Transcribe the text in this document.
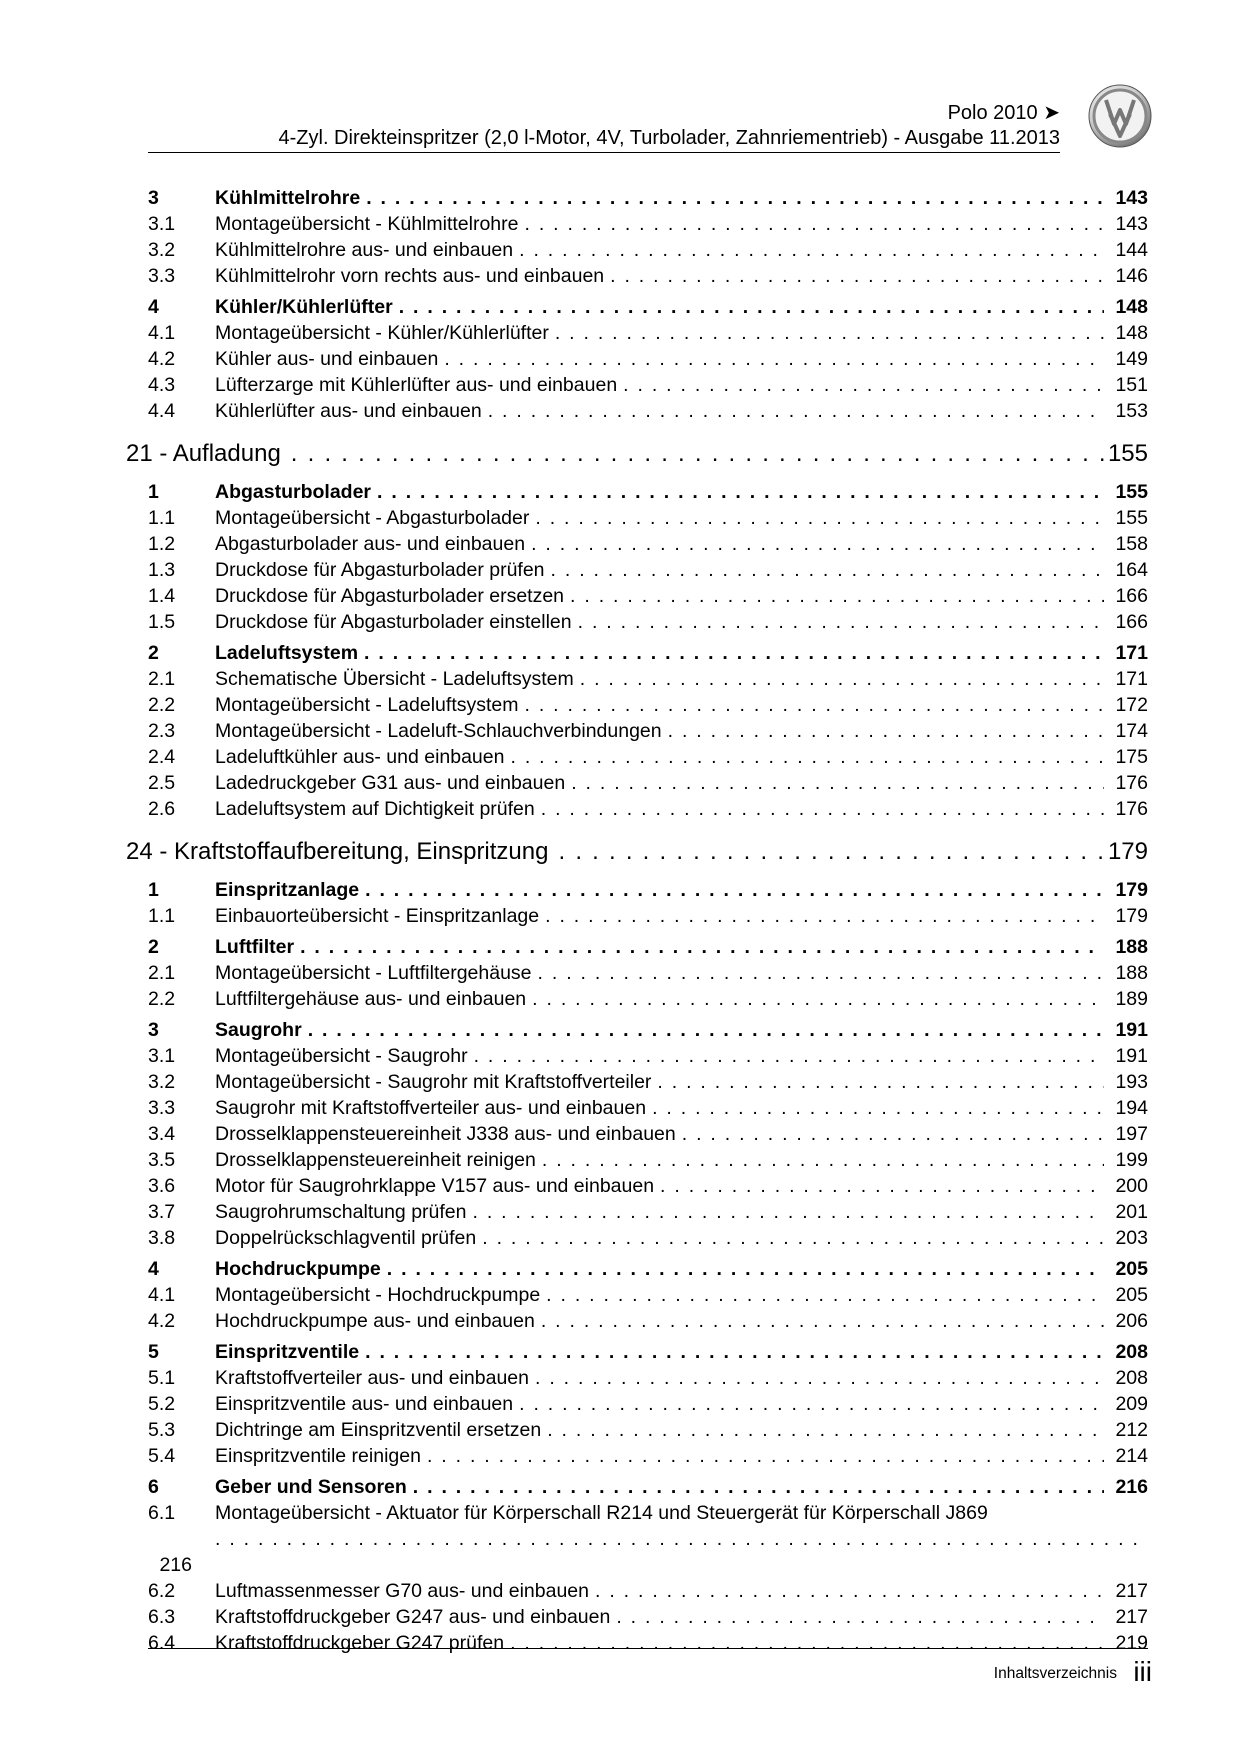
Polo 2010 ➤
4-Zyl. Direkteinspritzer (2,0 l-Motor, 4V, Turbolader, Zahnriementrieb) - Ausgabe 11.2013
3	Kühlmittelrohre . . .	143
3.1	Montageübersicht - Kühlmittelrohre . . .	143
3.2	Kühlmittelrohre aus- und einbauen . . .	144
3.3	Kühlmittelrohr vorn rechts aus- und einbauen . . .	146
4	Kühler/Kühlerlüfter . . .	148
4.1	Montageübersicht - Kühler/Kühlerlüfter . . .	148
4.2	Kühler aus- und einbauen . . .	149
4.3	Lüfterzarge mit Kühlerlüfter aus- und einbauen . . .	151
4.4	Kühlerlüfter aus- und einbauen . . .	153
21 - Aufladung . . .	155
1	Abgasturbolader . . .	155
1.1	Montageübersicht - Abgasturbolader . . .	155
1.2	Abgasturbolader aus- und einbauen . . .	158
1.3	Druckdose für Abgasturbolader prüfen . . .	164
1.4	Druckdose für Abgasturbolader ersetzen . . .	166
1.5	Druckdose für Abgasturbolader einstellen . . .	166
2	Ladeluftsystem . . .	171
2.1	Schematische Übersicht - Ladeluftsystem . . .	171
2.2	Montageübersicht - Ladeluftsystem . . .	172
2.3	Montageübersicht - Ladeluft-Schlauchverbindungen . . .	174
2.4	Ladeluftkühler aus- und einbauen . . .	175
2.5	Ladedruckgeber G31 aus- und einbauen . . .	176
2.6	Ladeluftsystem auf Dichtigkeit prüfen . . .	176
24 - Kraftstoffaufbereitung, Einspritzung . . .	179
1	Einspritzanlage . . .	179
1.1	Einbauorteübersicht - Einspritzanlage . . .	179
2	Luftfilter . . .	188
2.1	Montageübersicht - Luftfiltergehäuse . . .	188
2.2	Luftfiltergehäuse aus- und einbauen . . .	189
3	Saugrohr . . .	191
3.1	Montageübersicht - Saugrohr . . .	191
3.2	Montageübersicht - Saugrohr mit Kraftstoffverteiler . . .	193
3.3	Saugrohr mit Kraftstoffverteiler aus- und einbauen . . .	194
3.4	Drosselklappensteuereinheit J338 aus- und einbauen . . .	197
3.5	Drosselklappensteuereinheit reinigen . . .	199
3.6	Motor für Saugrohrklappe V157 aus- und einbauen . . .	200
3.7	Saugrohrumschaltung prüfen . . .	201
3.8	Doppelrückschlagventil prüfen . . .	203
4	Hochdruckpumpe . . .	205
4.1	Montageübersicht - Hochdruckpumpe . . .	205
4.2	Hochdruckpumpe aus- und einbauen . . .	206
5	Einspritzventile . . .	208
5.1	Kraftstoffverteiler aus- und einbauen . . .	208
5.2	Einspritzventile aus- und einbauen . . .	209
5.3	Dichtringe am Einspritzventil ersetzen . . .	212
5.4	Einspritzventile reinigen . . .	214
6	Geber und Sensoren . . .	216
6.1	Montageübersicht - Aktuator für Körperschall R214 und Steuergerät für Körperschall J869
. . .
216
6.2	Luftmassenmesser G70 aus- und einbauen . . .	217
6.3	Kraftstoffdruckgeber G247 aus- und einbauen . . .	217
6.4	Kraftstoffdruckgeber G247 prüfen . . .	219
Inhaltsverzeichnis iii
